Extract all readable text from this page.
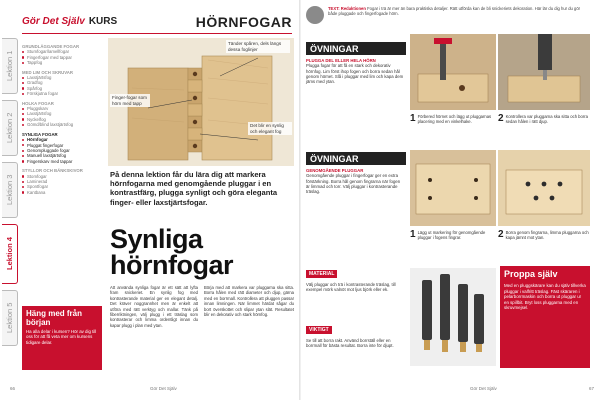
Gör Det Själv KURS	HÖRNFOGAR
Lektion 1
Lektion 2
Lektion 3
Lektion 4
Lektion 5
GRUNDLÄGGANDE FOGAR
Stumfogar/lamellfogar
Fingerfogar med tappar
Tappfog
MED LIM OCH SKRUVAR
Laxstjärtsfog
Gradfog
Spårfog
Förskjutna fogar
HOLKA FOGAR
Pluggskarv
Laxstjärtsfog
Nyckelfog
Gömd/blind laxstjärtsfog
SYNLIGA FOGAR
Hörnfogar
Pluggat fingerfogar
Genompluggade fogar
Manuell laxstjärtsfog
Fingerskarv med tappar
STYLLOR OCH BÄNKSKIVOR
Stomfogar
Laminerad
Spontfogar
Kantbana
Tänder spåren, dels längs dessa foglinjer
Finger-fogar som hörn med tapp
Det blir en synlig och elegant fog
På denna lektion får du lära dig att markera hörnfogarna med genomgående pluggar i en kontrastfärg, plugga synligt och göra eleganta finger- eller laxstjärtsfogar.
Synliga
hörnfogar
Häng med från början
Ha alla delar i kursen? Hör av dig till oss för att få veta mer om kursens tidigare delar.
Att använda synliga fogar är ett sätt att lyfta fram snickeriet. En synlig fog med kontrasterande material ger en elegant detalj. Det kräver noggrannhet men är enkelt att utföra med rätt verktyg och mallar. Tänk på fiberriktningen, välj plugg i ett träslag som kontrasterar och limma ordentligt innan du kapar plugg i plan med ytan.
Börja med att markera var pluggarna ska sitta. Borra hålen med rätt diameter och djup, gärna med en borrmall. Kontrollera att pluggen passar innan limningen. När limmet härdat sågar du bort överskottet och slipar ytan slät. Resultatet blir en dekorativ och stark hörnfog.
66	Gör Det Själv
TEXT: Redaktionen Fogar i trä är mer än bara praktiska detaljer. Rätt utförda kan de bli snickeriets dekoration. Här lär du dig hur du gör både pluggade och fingerfogade hörn.
ÖVNINGAR
PLUGGA DEL ELLER HELA HÖRN
Plugga fogar för att få en stark och dekorativ hörnfog. Lim först ihop fogen och borra sedan hål genom hörnet. Slå i pluggar med lim och kapa dem jäms med ytan.
1 Förbered hörnet och lägg ut pluggarnas placering med en vinkelhake.	2 Kontrollera var pluggarna ska sitta och borra sedan hålen i rätt djup.
ÖVNINGAR
GENOMGÅENDE PLUGGAR
Genomgående pluggar i fingerfogar ger en extra förstärkning. Borra hål genom fingrarna när fogen är limmad och torr. Välj pluggar i kontrasterande träslag.
1 Lägg ut markering för genomgående pluggar i fogens fingrar.	2 Borra genom fingrarna, limma pluggarna och kapa jämnt mot ytan.
MATERIAL
Välj pluggar och trä i kontrasterande träslag, till exempel mörk valnöt mot ljus björk eller ek.
VIKTIGT
Se till att borra rakt. Använd borrställ eller en borrmall för bästa resultat. Borra inte för djupt.
Proppa själv
Med en pluggskärare kan du själv tillverka pluggar i valfritt träslag. Fäst skäraren i pelarborrmaskin och borra ut pluggar ur en spillbit. Bryt loss pluggarna med en skruvmejsel.
Gör Det Själv	67
